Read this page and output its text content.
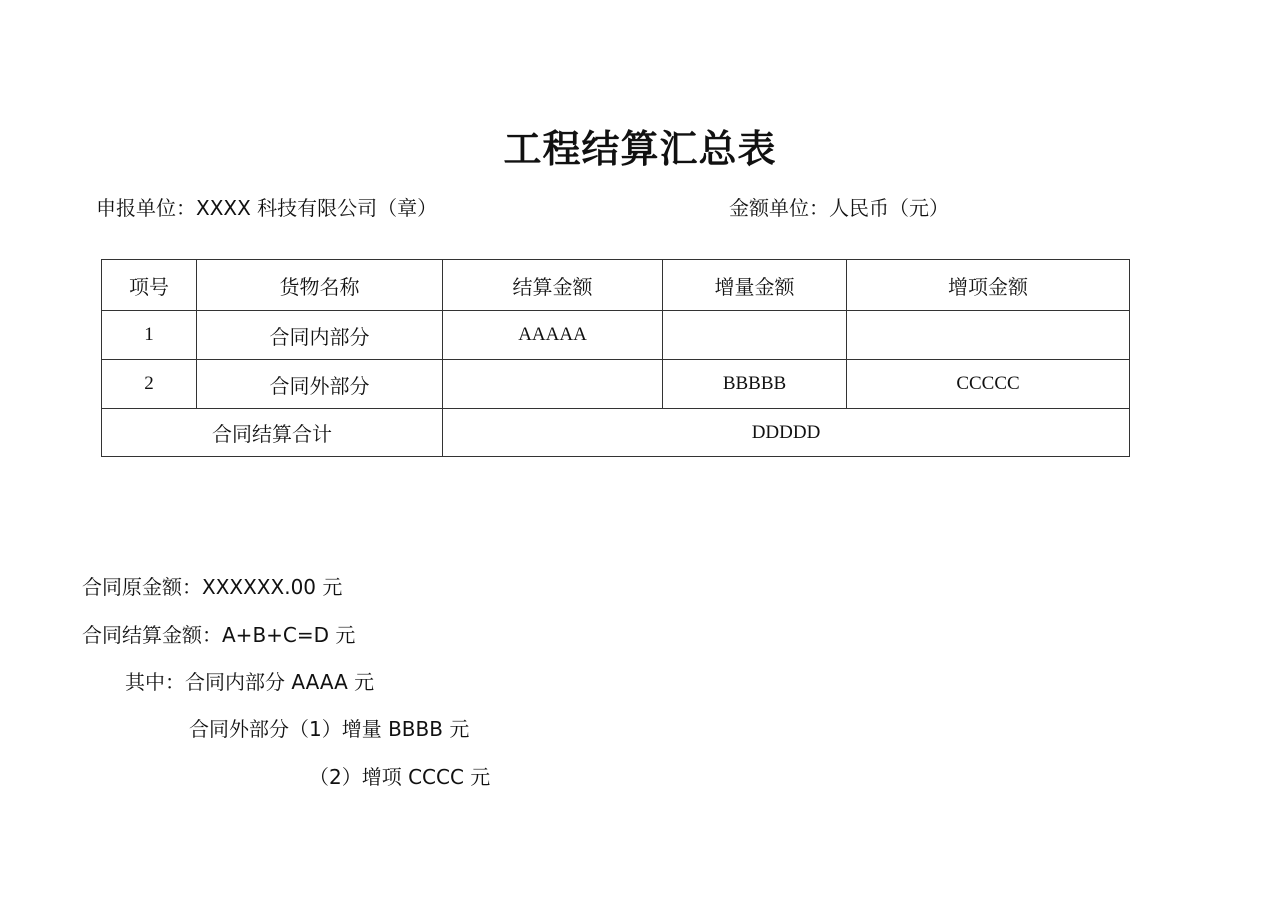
工程结算汇总表
申报单位：XXXX 科技有限公司（章）	金额单位：人民币（元）
项号	货物名称	结算金额	增量金额	增项金额
1	合同内部分	AAAAA		
2	合同外部分		BBBBB	CCCCC
合同结算合计		DDDDD		
合同原金额：XXXXXX.00 元
合同结算金额：A+B+C=D 元
其中：合同内部分 AAAA 元
合同外部分（1）增量 BBBB 元
（2）增项 CCCC 元
